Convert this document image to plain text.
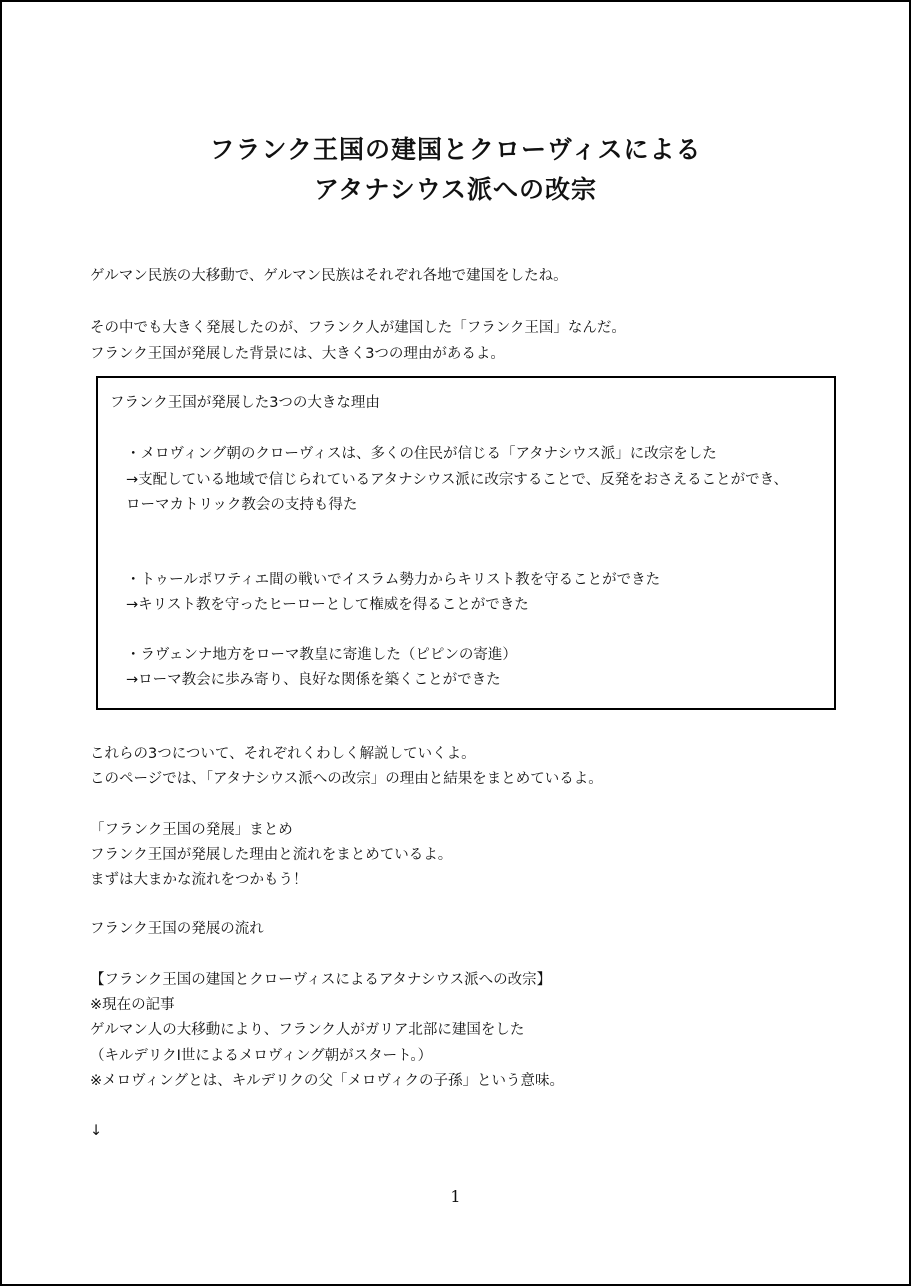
フランク王国の建国とクローヴィスによる
アタナシウス派への改宗
ゲルマン民族の大移動で、ゲルマン民族はそれぞれ各地で建国をしたね。
その中でも大きく発展したのが、フランク人が建国した「フランク王国」なんだ。
フランク王国が発展した背景には、大きく3つの理由があるよ。
フランク王国が発展した3つの大きな理由
・メロヴィング朝のクローヴィスは、多くの住民が信じる「アタナシウス派」に改宗をした
→支配している地域で信じられているアタナシウス派に改宗することで、反発をおさえることができ、
ローマカトリック教会の支持も得た
・トゥールポワティエ間の戦いでイスラム勢力からキリスト教を守ることができた
→キリスト教を守ったヒーローとして権威を得ることができた
・ラヴェンナ地方をローマ教皇に寄進した（ピピンの寄進）
→ローマ教会に歩み寄り、良好な関係を築くことができた
これらの3つについて、それぞれくわしく解説していくよ。
このページでは、「アタナシウス派への改宗」の理由と結果をまとめているよ。
「フランク王国の発展」まとめ
フランク王国が発展した理由と流れをまとめているよ。
まずは大まかな流れをつかもう！
フランク王国の発展の流れ
【フランク王国の建国とクローヴィスによるアタナシウス派への改宗】
※現在の記事
ゲルマン人の大移動により、フランク人がガリア北部に建国をした
（キルデリクⅠ世によるメロヴィング朝がスタート。）
※メロヴィングとは、キルデリクの父「メロヴィクの子孫」という意味。
↓
1
